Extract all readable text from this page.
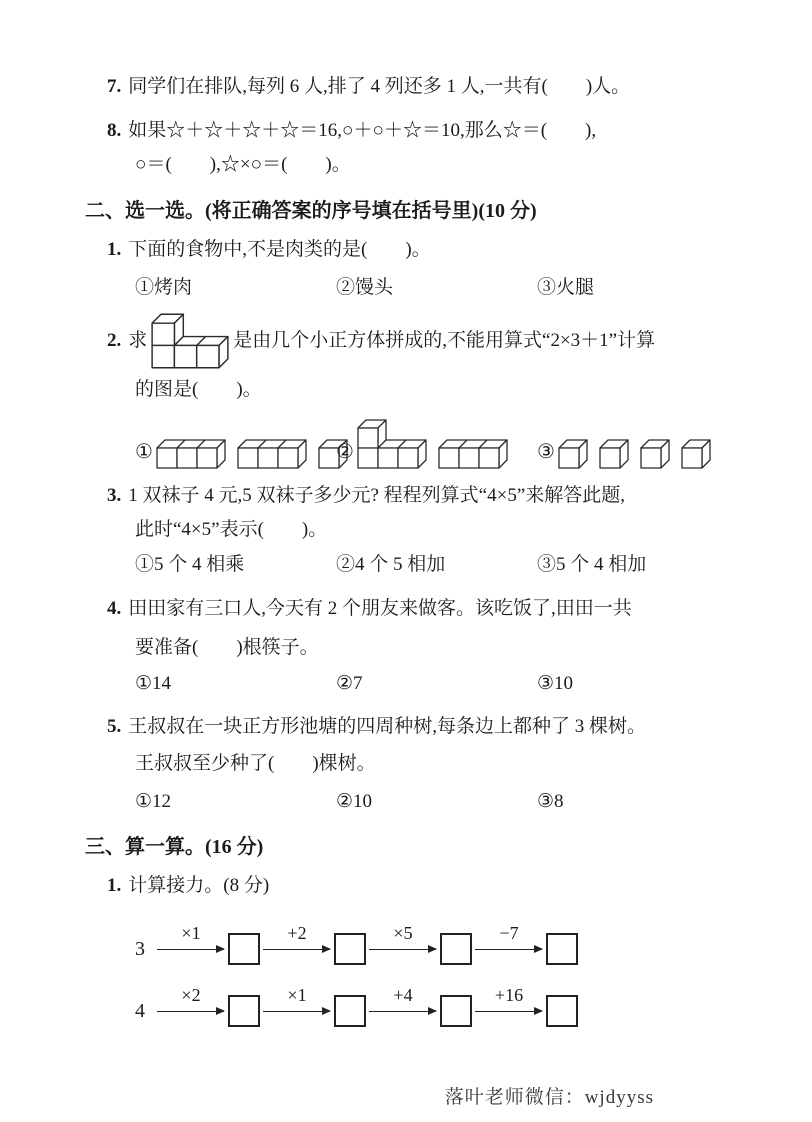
7. 同学们在排队,每列 6 人,排了 4 列还多 1 人,一共有(　　)人。
8. 如果☆＋☆＋☆＋☆＝16,○＋○＋☆＝10,那么☆＝(　　),
○＝(　　),☆×○＝(　　)。
二、选一选。(将正确答案的序号填在括号里)(10 分)
1. 下面的食物中,不是肉类的是(　　)。
①烤肉	②馒头	③火腿
2. 求	是由几个小正方体拼成的,不能用算式“2×3＋1”计算
的图是(　　)。
①	②	③
3. 1 双袜子 4 元,5 双袜子多少元? 程程列算式“4×5”来解答此题,
此时“4×5”表示(　　)。
①5 个 4 相乘	②4 个 5 相加	③5 个 4 相加
4. 田田家有三口人,今天有 2 个朋友来做客。该吃饭了,田田一共
要准备(　　)根筷子。
①14	②7	③10
5. 王叔叔在一块正方形池塘的四周种树,每条边上都种了 3 棵树。
王叔叔至少种了(　　)棵树。
①12	②10	③8
三、算一算。(16 分)
1. 计算接力。(8 分)
3
×1	+2	×5	−7
4
×2	×1	+4	+16
落叶老师微信：wjdyyss
